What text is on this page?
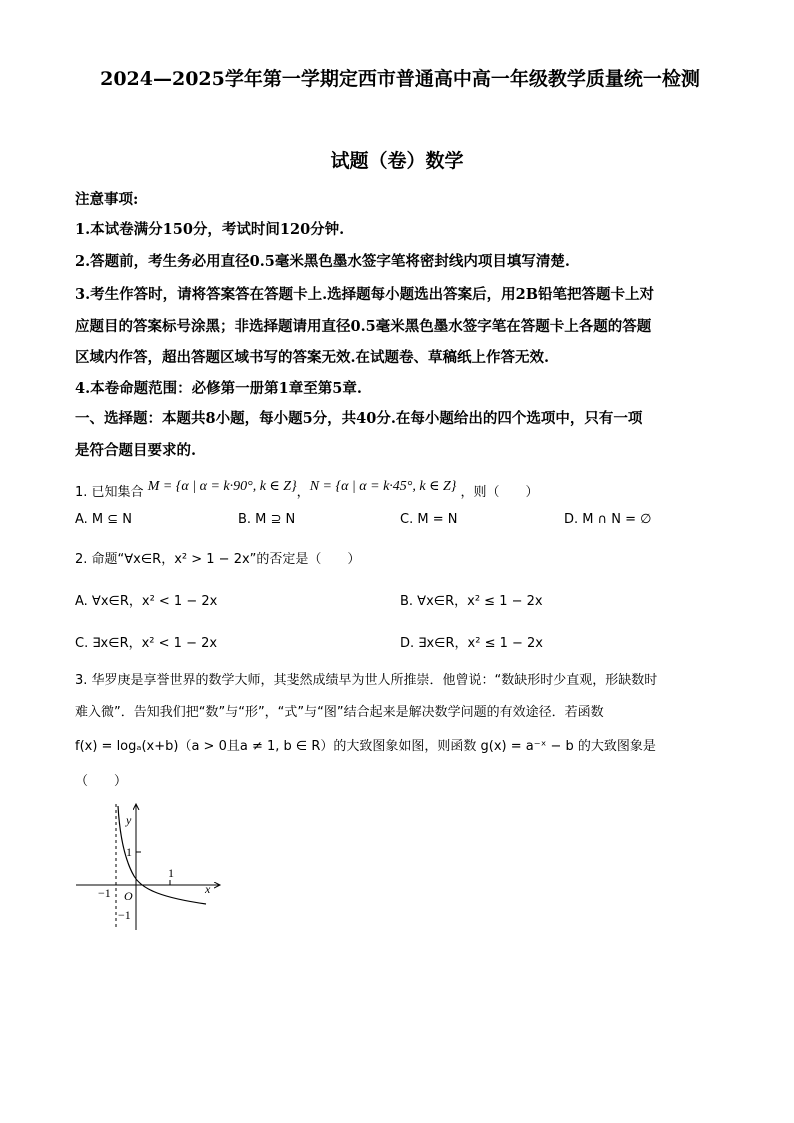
2024—2025学年第一学期定西市普通高中高一年级教学质量统一检测
试题（卷）数学
注意事项:
1.本试卷满分150分，考试时间120分钟.
2.答题前，考生务必用直径0.5毫米黑色墨水签字笔将密封线内项目填写清楚.
3.考生作答时，请将答案答在答题卡上.选择题每小题选出答案后，用2B铅笔把答题卡上对
应题目的答案标号涂黑；非选择题请用直径0.5毫米黑色墨水签字笔在答题卡上各题的答题
区域内作答，超出答题区域书写的答案无效.在试题卷、草稿纸上作答无效.
4.本卷命题范围：必修第一册第1章至第5章.
一、选择题：本题共8小题，每小题5分，共40分.在每小题给出的四个选项中，只有一项
是符合题目要求的.
1. 已知集合 M = {α | α = k·90°, k ∈ Z}，N = {α | α = k·45°, k ∈ Z} ，则（　　）
A. M ⊆ N	B. M ⊇ N	C. M = N	D. M ∩ N = ∅
2. 命题“∀x∈R，x² > 1 − 2x”的否定是（　　）
A. ∀x∈R，x² < 1 − 2x	B. ∀x∈R，x² ≤ 1 − 2x
C. ∃x∈R，x² < 1 − 2x	D. ∃x∈R，x² ≤ 1 − 2x
3. 华罗庚是享誉世界的数学大师，其斐然成绩早为世人所推崇．他曾说：“数缺形时少直观，形缺数时
难入微”．告知我们把“数”与“形”，“式”与“图”结合起来是解决数学问题的有效途径．若函数
f(x) = logₐ(x+b)（a > 0且a ≠ 1, b ∈ R）的大致图象如图，则函数 g(x) = a⁻ˣ − b 的大致图象是
（　　）
y
x
O
−1
1
1
−1
